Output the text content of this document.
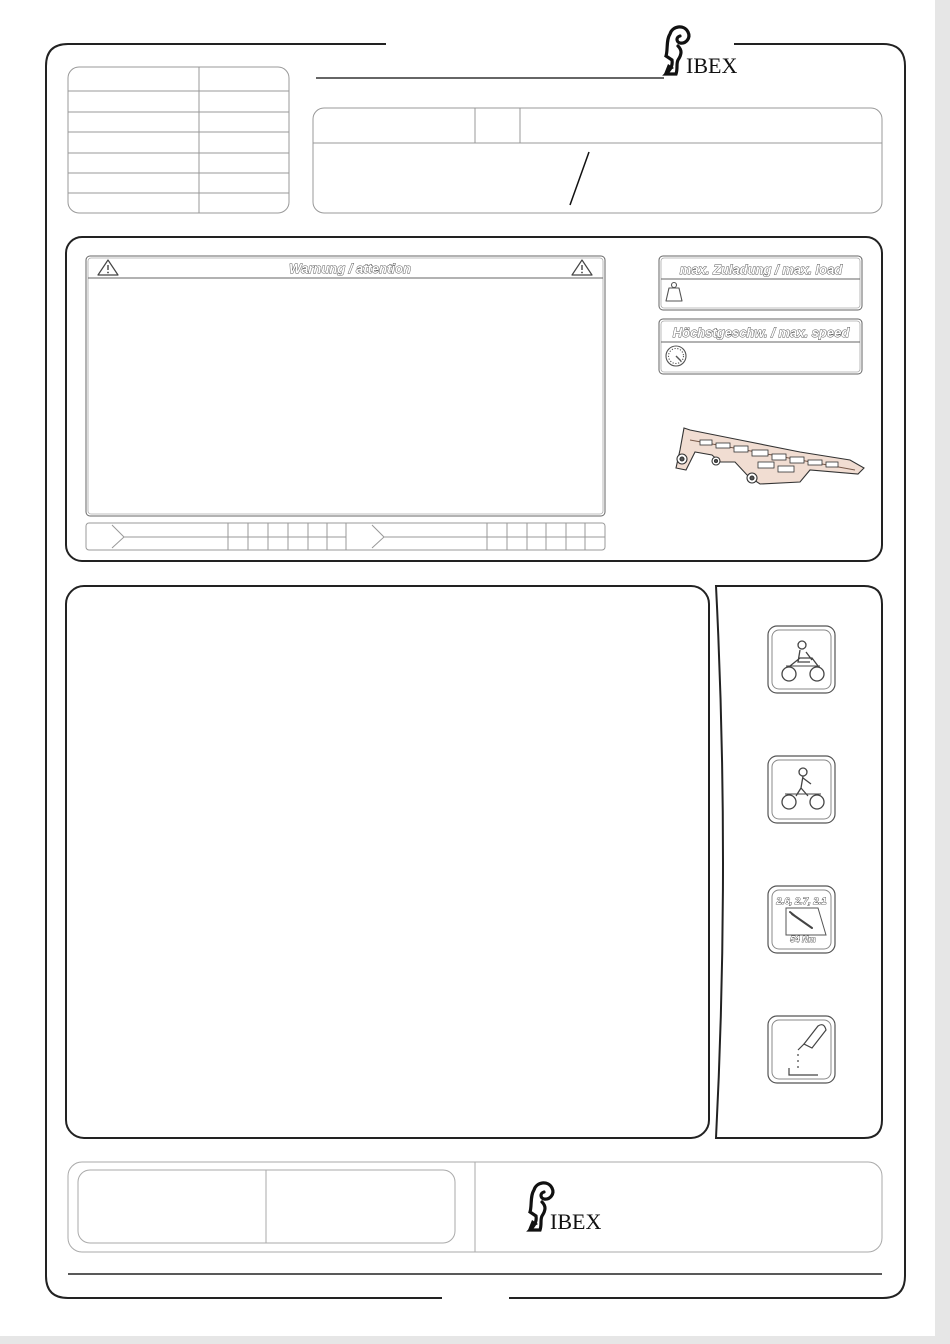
IBEX
Warnung / attention	max. Zuladung / max. load
Höchstgeschw. / max. speed
2.6, 2.7, 2.1
54 Nm
IBEX
